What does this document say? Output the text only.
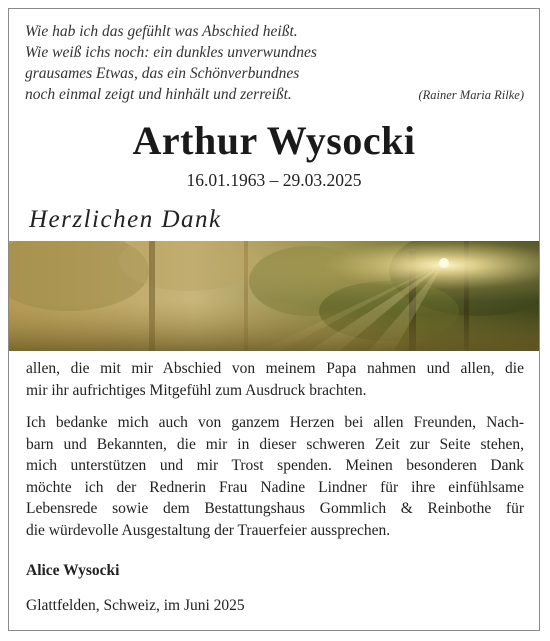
Wie hab ich das gefühlt was Abschied heißt.
Wie weiß ichs noch: ein dunkles unverwundnes
grausames Etwas, das ein Schönverbundnes
noch einmal zeigt und hinhält und zerreißt.	(Rainer Maria Rilke)
Arthur Wysocki
16.01.1963 – 29.03.2025
Herzlichen Dank
allen, die mit mir Abschied von meinem Papa nahmen und allen, die
mir ihr aufrichtiges Mitgefühl zum Ausdruck brachten.
Ich bedanke mich auch von ganzem Herzen bei allen Freunden, Nach-
barn und Bekannten, die mir in dieser schweren Zeit zur Seite stehen,
mich unterstützen und mir Trost spenden. Meinen besonderen Dank
möchte ich der Rednerin Frau Nadine Lindner für ihre einfühlsame
Lebensrede sowie dem Bestattungshaus Gommlich & Reinbothe für
die würdevolle Ausgestaltung der Trauerfeier aussprechen.
Alice Wysocki
Glattfelden, Schweiz, im Juni 2025
